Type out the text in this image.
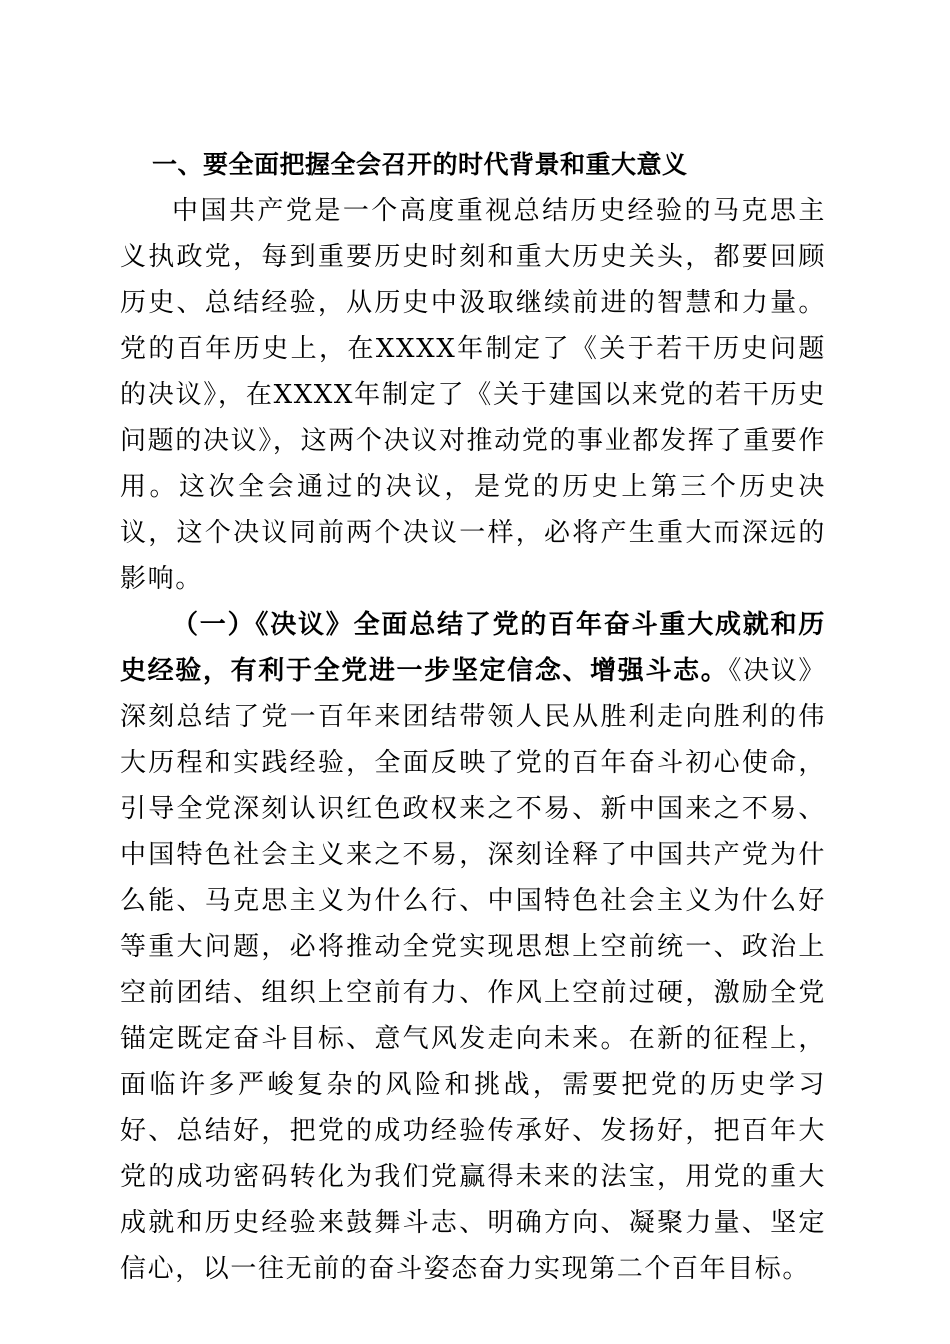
一、要全面把握全会召开的时代背景和重大意义

中国共产党是一个高度重视总结历史经验的马克思主义执政党，每到重要历史时刻和重大历史关头，都要回顾历史、总结经验，从历史中汲取继续前进的智慧和力量。党的百年历史上，在XXXX年制定了《关于若干历史问题的决议》，在XXXX年制定了《关于建国以来党的若干历史问题的决议》，这两个决议对推动党的事业都发挥了重要作用。这次全会通过的决议，是党的历史上第三个历史决议，这个决议同前两个决议一样，必将产生重大而深远的影响。

（一）《决议》全面总结了党的百年奋斗重大成就和历史经验，有利于全党进一步坚定信念、增强斗志。《决议》深刻总结了党一百年来团结带领人民从胜利走向胜利的伟大历程和实践经验，全面反映了党的百年奋斗初心使命，引导全党深刻认识红色政权来之不易、新中国来之不易、中国特色社会主义来之不易，深刻诠释了中国共产党为什么能、马克思主义为什么行、中国特色社会主义为什么好等重大问题，必将推动全党实现思想上空前统一、政治上空前团结、组织上空前有力、作风上空前过硬，激励全党锚定既定奋斗目标、意气风发走向未来。在新的征程上，面临许多严峻复杂的风险和挑战，需要把党的历史学习好、总结好，把党的成功经验传承好、发扬好，把百年大党的成功密码转化为我们党赢得未来的法宝，用党的重大成就和历史经验来鼓舞斗志、明确方向、凝聚力量、坚定信心，以一往无前的奋斗姿态奋力实现第二个百年目标。
